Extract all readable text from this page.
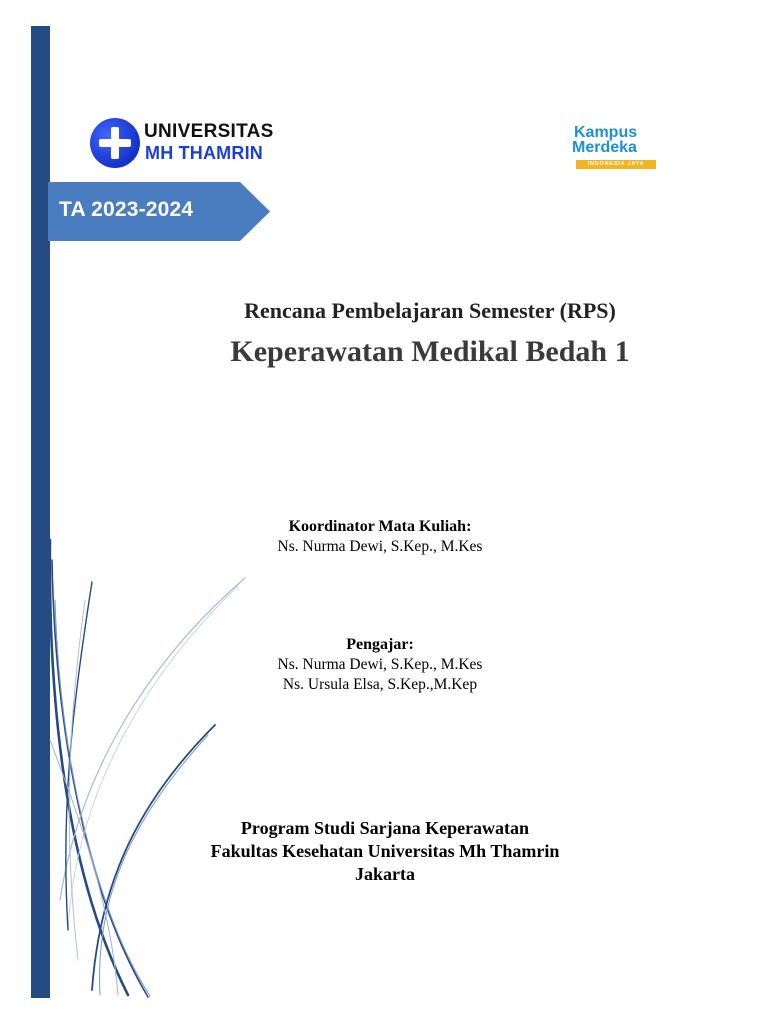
UNIVERSITAS
MH THAMRIN
Kampus
Merdeka
INDONESIA JAYA
TA 2023-2024
Rencana Pembelajaran Semester (RPS)
Keperawatan Medikal Bedah 1
Koordinator Mata Kuliah:
Ns. Nurma Dewi, S.Kep., M.Kes
Pengajar:
Ns. Nurma Dewi, S.Kep., M.Kes
Ns. Ursula Elsa, S.Kep.,M.Kep
Program Studi Sarjana Keperawatan
Fakultas Kesehatan Universitas Mh Thamrin
Jakarta
